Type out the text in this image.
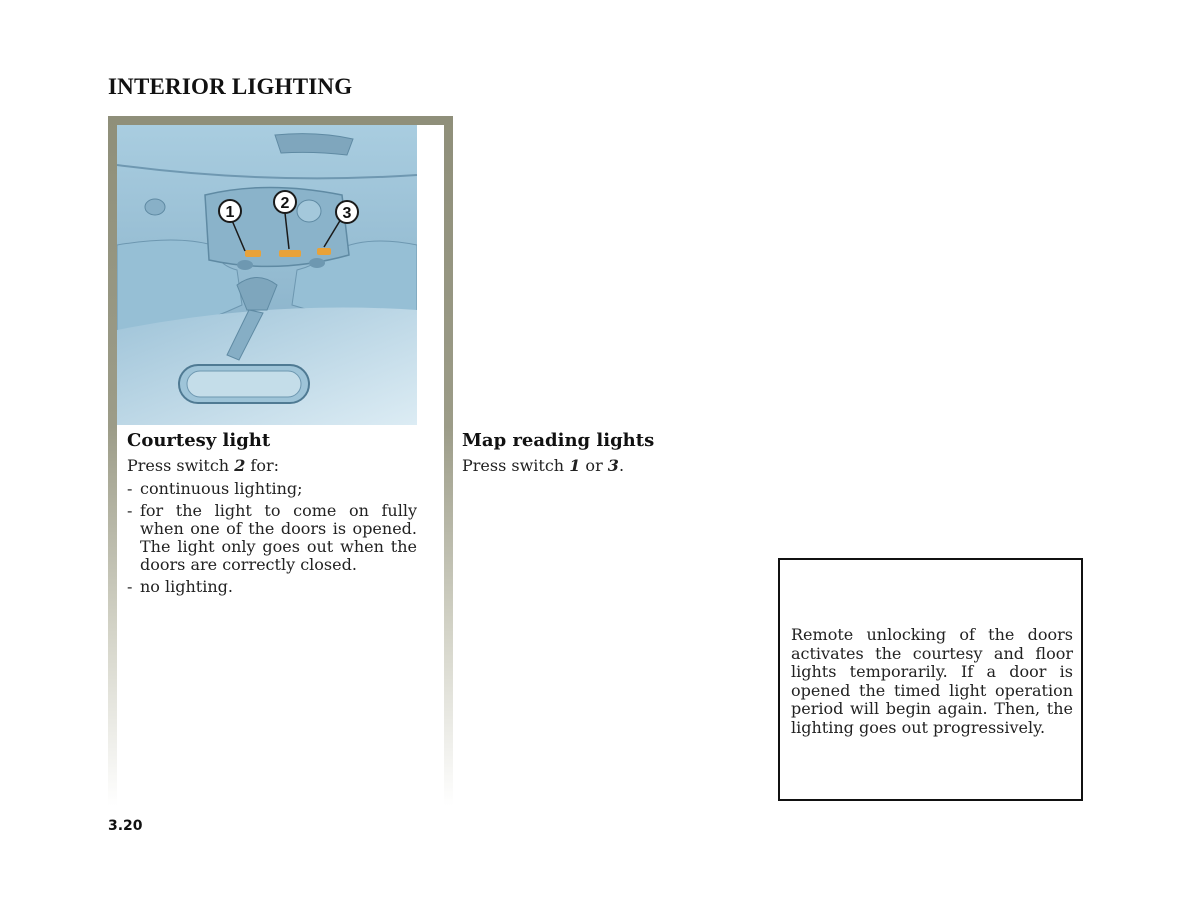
INTERIOR LIGHTING
1
2
3
Courtesy light
Press switch 2 for:
- continuous lighting;
- for the light to come on fully when one of the doors is opened. The light only goes out when the doors are correctly closed.
- no lighting.
Map reading lights
Press switch 1 or 3.
Remote unlocking of the doors activates the courtesy and floor lights temporarily. If a door is opened the timed light operation period will begin again. Then, the lighting goes out progressively.
3.20
